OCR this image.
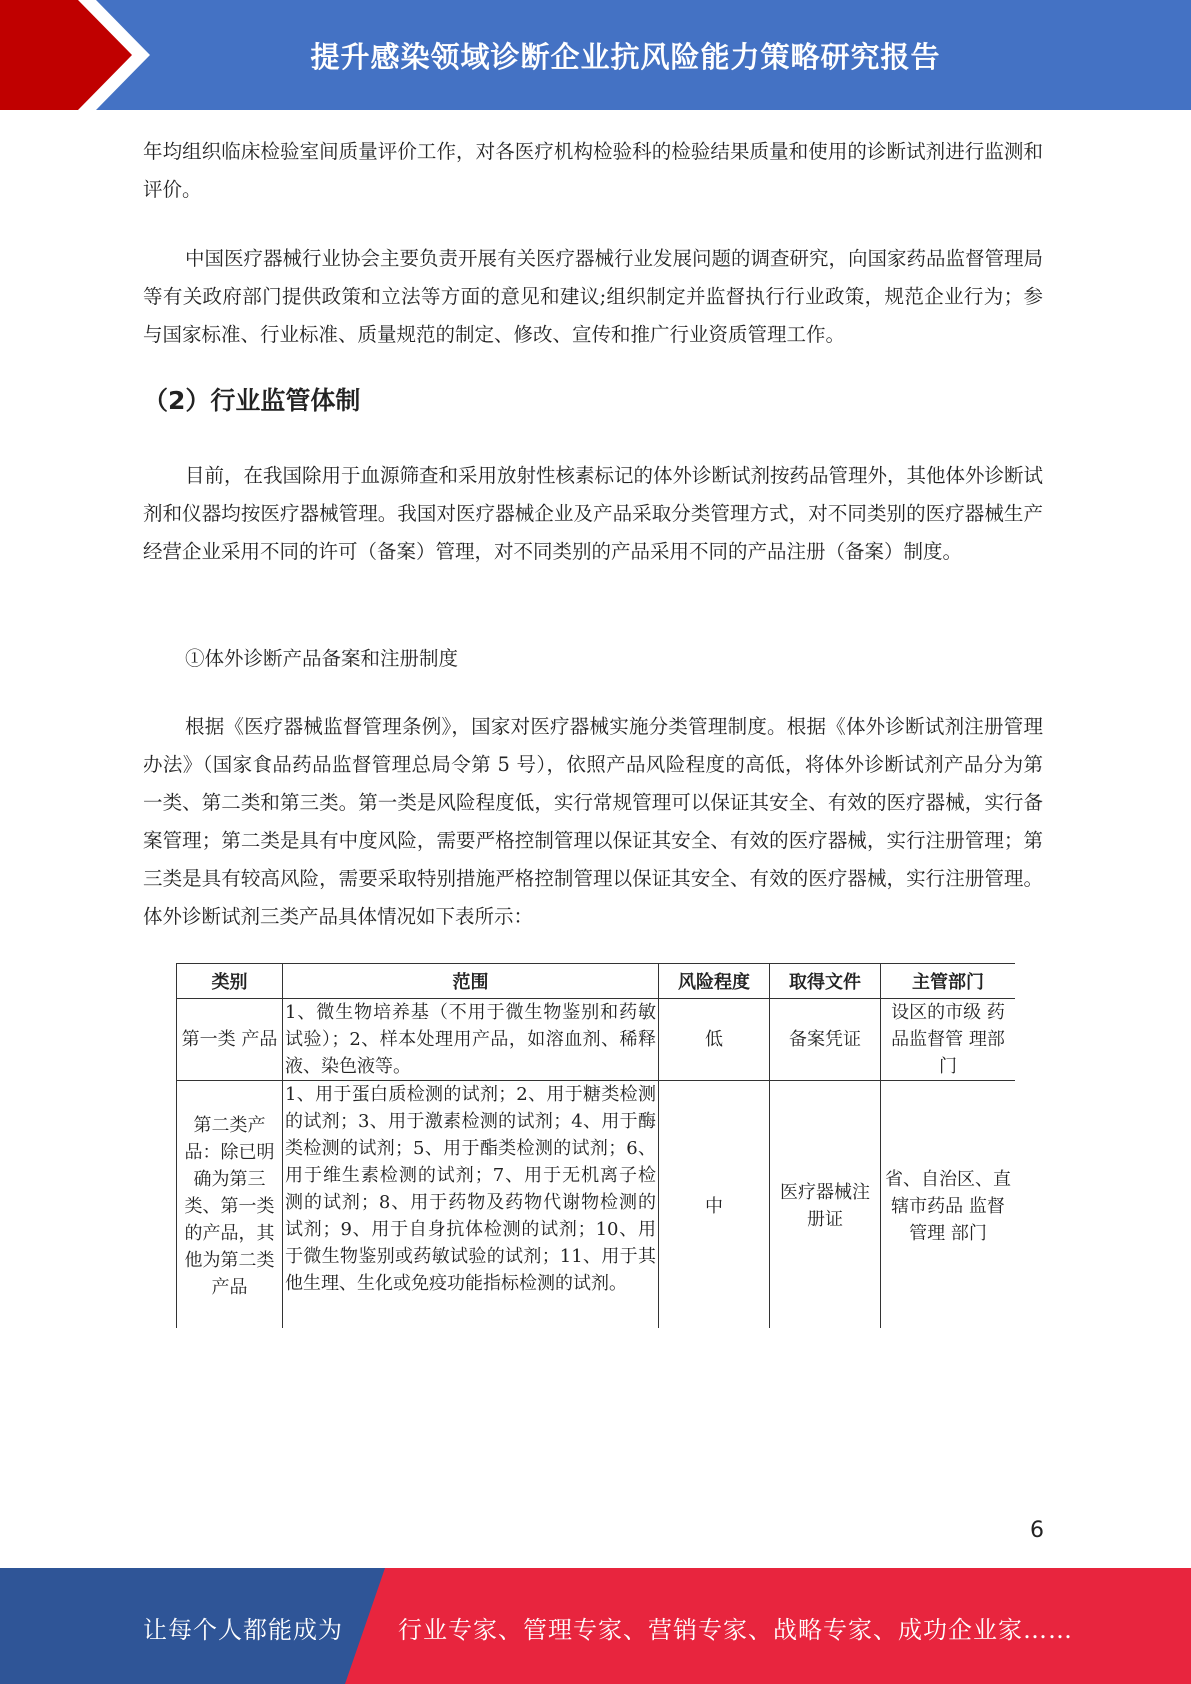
提升感染领域诊断企业抗风险能力策略研究报告

年均组织临床检验室间质量评价工作，对各医疗机构检验科的检验结果质量和使用的诊断试剂进行监测和评价。

中国医疗器械行业协会主要负责开展有关医疗器械行业发展问题的调查研究，向国家药品监督管理局等有关政府部门提供政策和立法等方面的意见和建议;组织制定并监督执行行业政策，规范企业行为；参与国家标准、行业标准、质量规范的制定、修改、宣传和推广行业资质管理工作。

（2）行业监管体制

目前，在我国除用于血源筛查和采用放射性核素标记的体外诊断试剂按药品管理外，其他体外诊断试剂和仪器均按医疗器械管理。我国对医疗器械企业及产品采取分类管理方式，对不同类别的医疗器械生产经营企业采用不同的许可（备案）管理，对不同类别的产品采用不同的产品注册（备案）制度。

①体外诊断产品备案和注册制度

根据《医疗器械监督管理条例》，国家对医疗器械实施分类管理制度。根据《体外诊断试剂注册管理办法》（国家食品药品监督管理总局令第 5 号），依照产品风险程度的高低，将体外诊断试剂产品分为第一类、第二类和第三类。第一类是风险程度低，实行常规管理可以保证其安全、有效的医疗器械，实行备案管理；第二类是具有中度风险，需要严格控制管理以保证其安全、有效的医疗器械，实行注册管理；第三类是具有较高风险，需要采取特别措施严格控制管理以保证其安全、有效的医疗器械，实行注册管理。体外诊断试剂三类产品具体情况如下表所示：

类别	范围	风险程度	取得文件	主管部门
第一类 产品	1、微生物培养基（不用于微生物鉴别和药敏试验）；2、样本处理用产品，如溶血剂、稀释液、染色液等。	低	备案凭证	设区的市级 药品监督管 理部门
第二类产品：除已明确为第三类、第一类的产品，其他为第二类产品	1、用于蛋白质检测的试剂；2、用于糖类检测的试剂；3、用于激素检测的试剂；4、用于酶类检测的试剂；5、用于酯类检测的试剂；6、用于维生素检测的试剂；7、用于无机离子检测的试剂；8、用于药物及药物代谢物检测的试剂；9、用于自身抗体检测的试剂；10、用于微生物鉴别或药敏试验的试剂；11、用于其他生理、生化或免疫功能指标检测的试剂。	中	医疗器械注册证	省、自治区、直辖市药品 监督管理 部门
6
让每个人都能成为 行业专家、管理专家、营销专家、战略专家、成功企业家……
